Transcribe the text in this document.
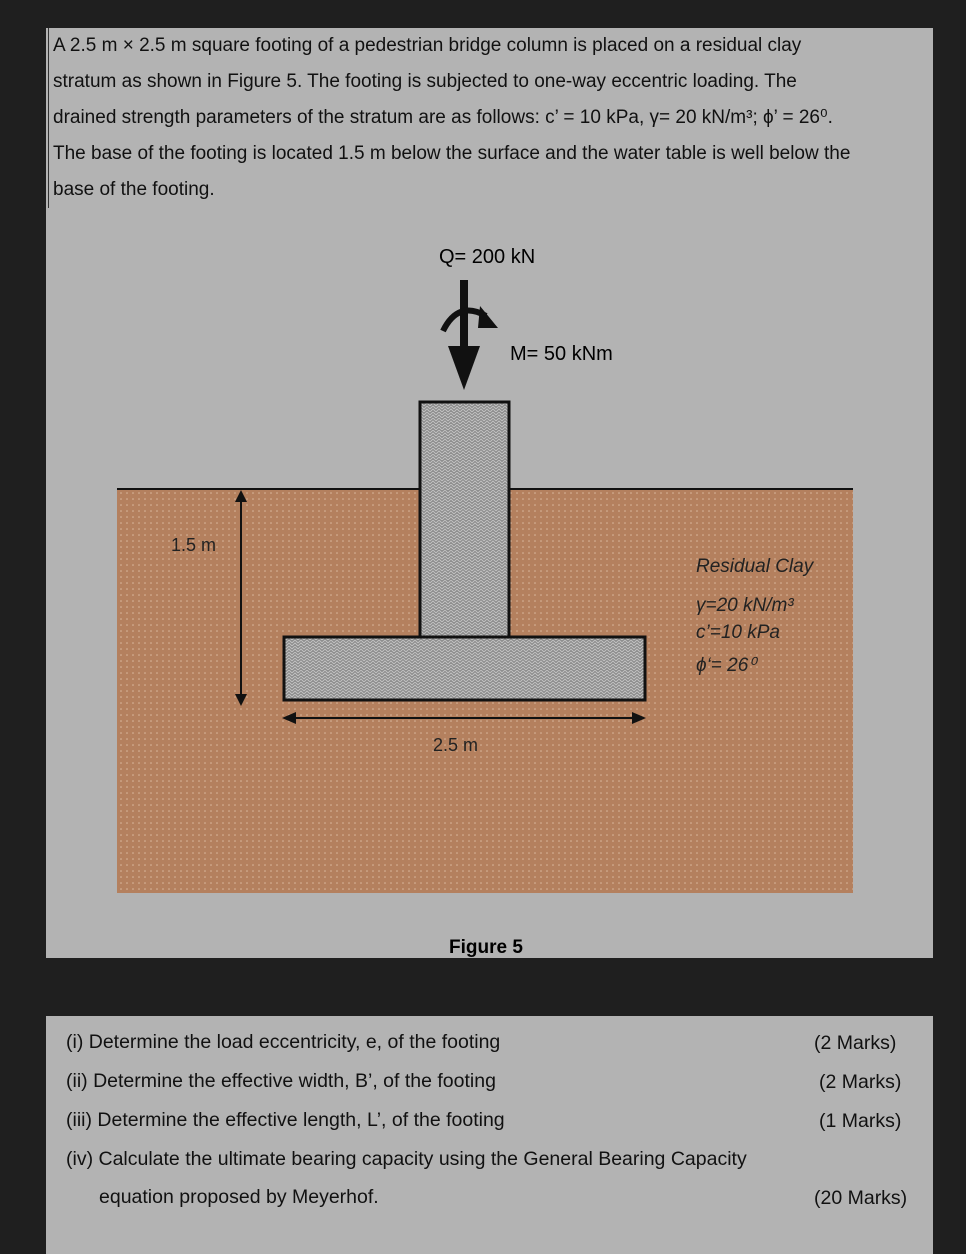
A 2.5 m × 2.5 m square footing of a pedestrian bridge column is placed on a residual clay

stratum as shown in Figure 5. The footing is subjected to one-way eccentric loading. The

drained strength parameters of the stratum are as follows: c’ = 10 kPa, γ= 20 kN/m³; ϕ’ = 26⁰.

The base of the footing is located 1.5 m below the surface and the water table is well below the

base of the footing.

Q= 200 kN
M= 50 kNm
1.5 m
2.5 m
Residual Clay
γ=20 kN/m³
c’=10 kPa
ϕ‘= 26⁰
Figure 5
(i) Determine the load eccentricity, e, of the footing	(2 Marks)
(ii) Determine the effective width, B’, of the footing	(2 Marks)
(iii) Determine the effective length, L’, of the footing	(1 Marks)
(iv) Calculate the ultimate bearing capacity using the General Bearing Capacity
equation proposed by Meyerhof.	(20 Marks)
